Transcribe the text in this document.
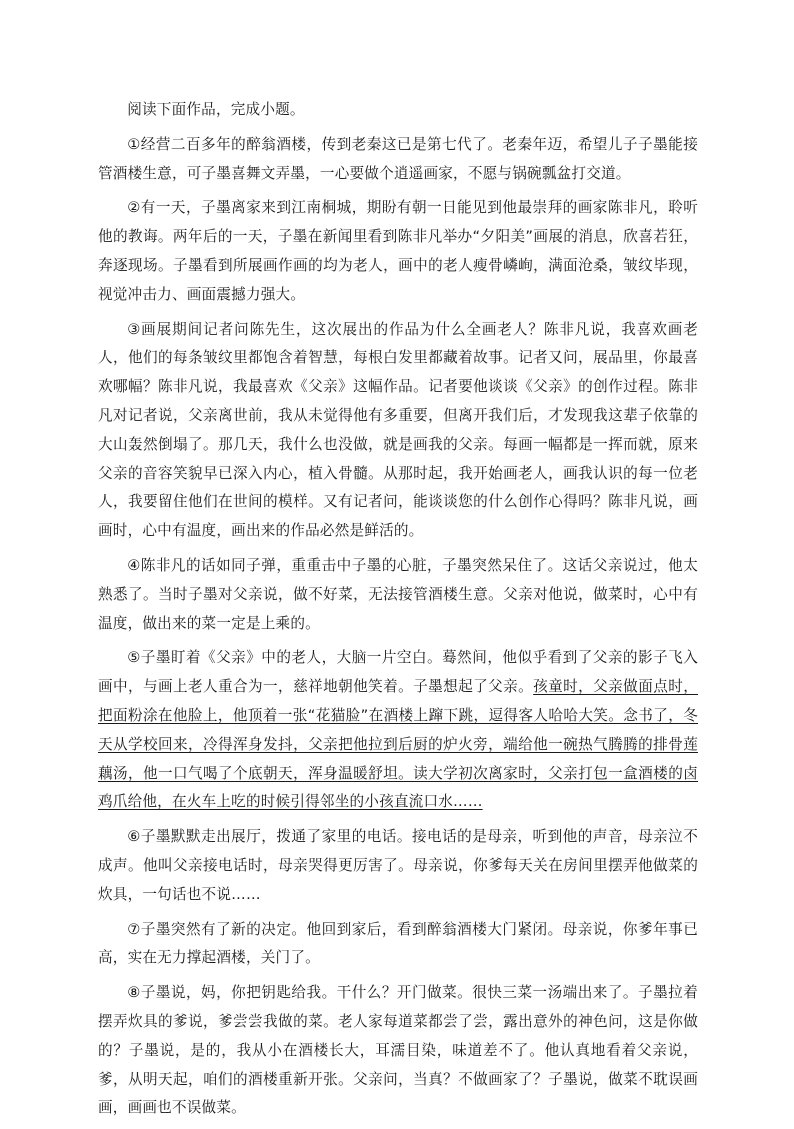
阅读下面作品，完成小题。

①经营二百多年的醉翁酒楼，传到老秦这已是第七代了。老秦年迈，希望儿子子墨能接管酒楼生意，可子墨喜舞文弄墨，一心要做个逍遥画家，不愿与锅碗瓢盆打交道。

②有一天，子墨离家来到江南桐城，期盼有朝一日能见到他最崇拜的画家陈非凡，聆听他的教诲。两年后的一天，子墨在新闻里看到陈非凡举办“夕阳美”画展的消息，欣喜若狂，奔逐现场。子墨看到所展画作画的均为老人，画中的老人瘦骨嶙峋，满面沧桑，皱纹毕现，视觉冲击力、画面震撼力强大。

③画展期间记者问陈先生，这次展出的作品为什么全画老人？陈非凡说，我喜欢画老人，他们的每条皱纹里都饱含着智慧，每根白发里都藏着故事。记者又问，展品里，你最喜欢哪幅？陈非凡说，我最喜欢《父亲》这幅作品。记者要他谈谈《父亲》的创作过程。陈非凡对记者说，父亲离世前，我从未觉得他有多重要，但离开我们后，才发现我这辈子依靠的大山轰然倒塌了。那几天，我什么也没做，就是画我的父亲。每画一幅都是一挥而就，原来父亲的音容笑貌早已深入内心，植入骨髓。从那时起，我开始画老人，画我认识的每一位老人，我要留住他们在世间的模样。又有记者问，能谈谈您的什么创作心得吗？陈非凡说，画画时，心中有温度，画出来的作品必然是鲜活的。

④陈非凡的话如同子弹，重重击中子墨的心脏，子墨突然呆住了。这话父亲说过，他太熟悉了。当时子墨对父亲说，做不好菜，无法接管酒楼生意。父亲对他说，做菜时，心中有温度，做出来的菜一定是上乘的。

⑤子墨盯着《父亲》中的老人，大脑一片空白。蓦然间，他似乎看到了父亲的影子飞入画中，与画上老人重合为一，慈祥地朝他笑着。子墨想起了父亲。孩童时，父亲做面点时，把面粉涂在他脸上，他顶着一张“花猫脸”在酒楼上蹿下跳，逗得客人哈哈大笑。念书了，冬天从学校回来，冷得浑身发抖，父亲把他拉到后厨的炉火旁，端给他一碗热气腾腾的排骨莲藕汤，他一口气喝了个底朝天，浑身温暖舒坦。读大学初次离家时，父亲打包一盒酒楼的卤鸡爪给他，在火车上吃的时候引得邻坐的小孩直流口水……

⑥子墨默默走出展厅，拨通了家里的电话。接电话的是母亲，听到他的声音，母亲泣不成声。他叫父亲接电话时，母亲哭得更厉害了。母亲说，你爹每天关在房间里摆弄他做菜的炊具，一句话也不说……

⑦子墨突然有了新的决定。他回到家后，看到醉翁酒楼大门紧闭。母亲说，你爹年事已高，实在无力撑起酒楼，关门了。

⑧子墨说，妈，你把钥匙给我。干什么？开门做菜。很快三菜一汤端出来了。子墨拉着摆弄炊具的爹说，爹尝尝我做的菜。老人家每道菜都尝了尝，露出意外的神色问，这是你做的？子墨说，是的，我从小在酒楼长大，耳濡目染，味道差不了。他认真地看着父亲说，爹，从明天起，咱们的酒楼重新开张。父亲问，当真？不做画家了？子墨说，做菜不耽误画画，画画也不误做菜。
